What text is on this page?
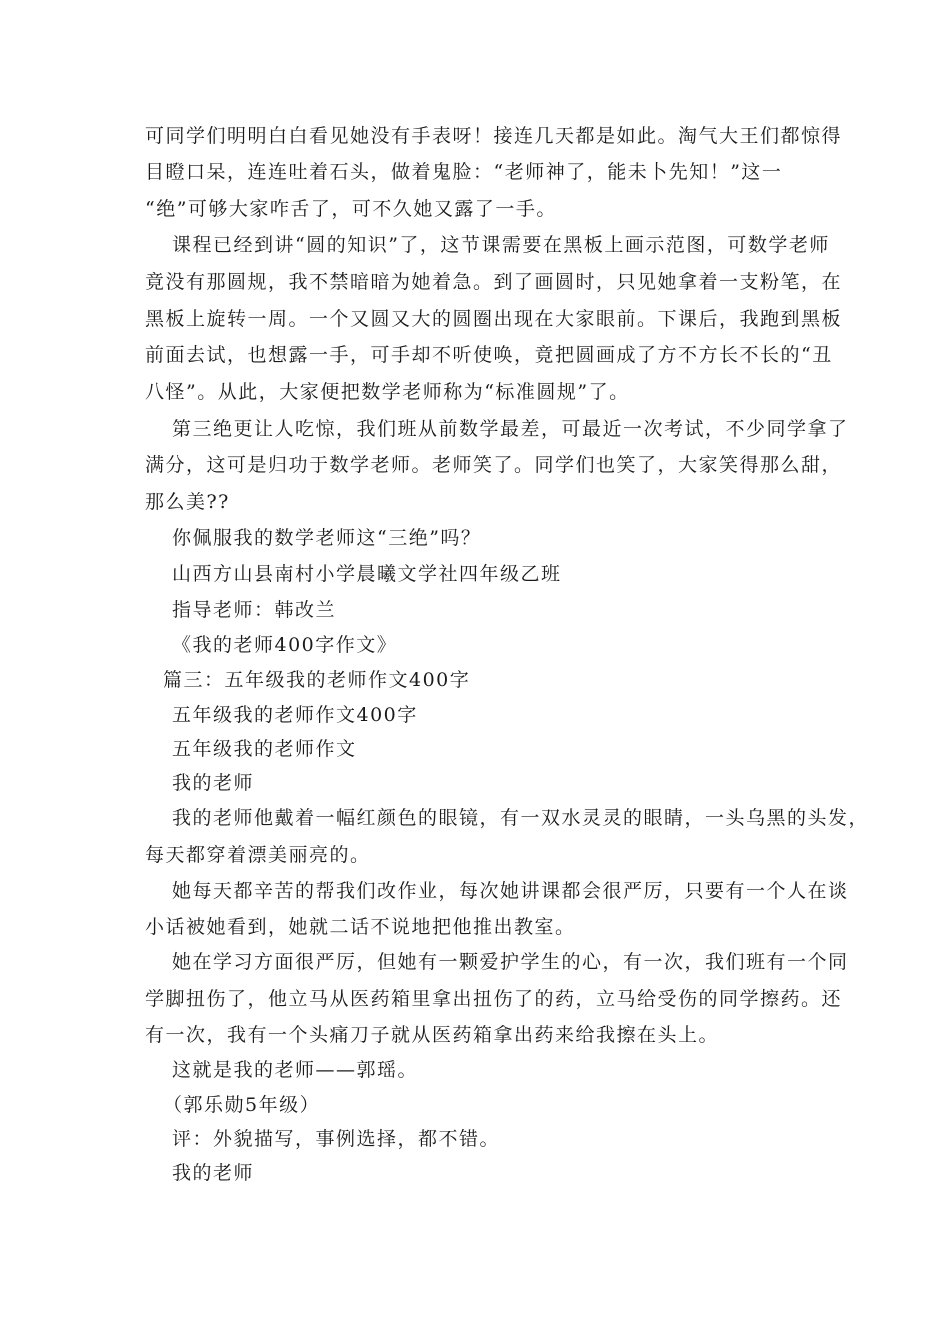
可同学们明明白白看见她没有手表呀！接连几天都是如此。淘气大王们都惊得
目瞪口呆，连连吐着石头，做着鬼脸：“老师神了，能未卜先知！”这一
“绝”可够大家咋舌了，可不久她又露了一手。
课程已经到讲“圆的知识”了，这节课需要在黑板上画示范图，可数学老师
竟没有那圆规，我不禁暗暗为她着急。到了画圆时，只见她拿着一支粉笔，在
黑板上旋转一周。一个又圆又大的圆圈出现在大家眼前。下课后，我跑到黑板
前面去试，也想露一手，可手却不听使唤，竟把圆画成了方不方长不长的“丑
八怪”。从此，大家便把数学老师称为“标准圆规”了。
第三绝更让人吃惊，我们班从前数学最差，可最近一次考试，不少同学拿了
满分，这可是归功于数学老师。老师笑了。同学们也笑了，大家笑得那么甜，
那么美??
你佩服我的数学老师这“三绝”吗？
山西方山县南村小学晨曦文学社四年级乙班
指导老师：韩改兰
《我的老师400字作文》
篇三：五年级我的老师作文400字
五年级我的老师作文400字
五年级我的老师作文
我的老师
我的老师他戴着一幅红颜色的眼镜，有一双水灵灵的眼睛，一头乌黑的头发，
每天都穿着漂美丽亮的。
她每天都辛苦的帮我们改作业，每次她讲课都会很严厉，只要有一个人在谈
小话被她看到，她就二话不说地把他推出教室。
她在学习方面很严厉，但她有一颗爱护学生的心，有一次，我们班有一个同
学脚扭伤了，他立马从医药箱里拿出扭伤了的药，立马给受伤的同学擦药。还
有一次，我有一个头痛刀子就从医药箱拿出药来给我擦在头上。
这就是我的老师——郭瑶。
（郭乐勋5年级）
评：外貌描写，事例选择，都不错。
我的老师
